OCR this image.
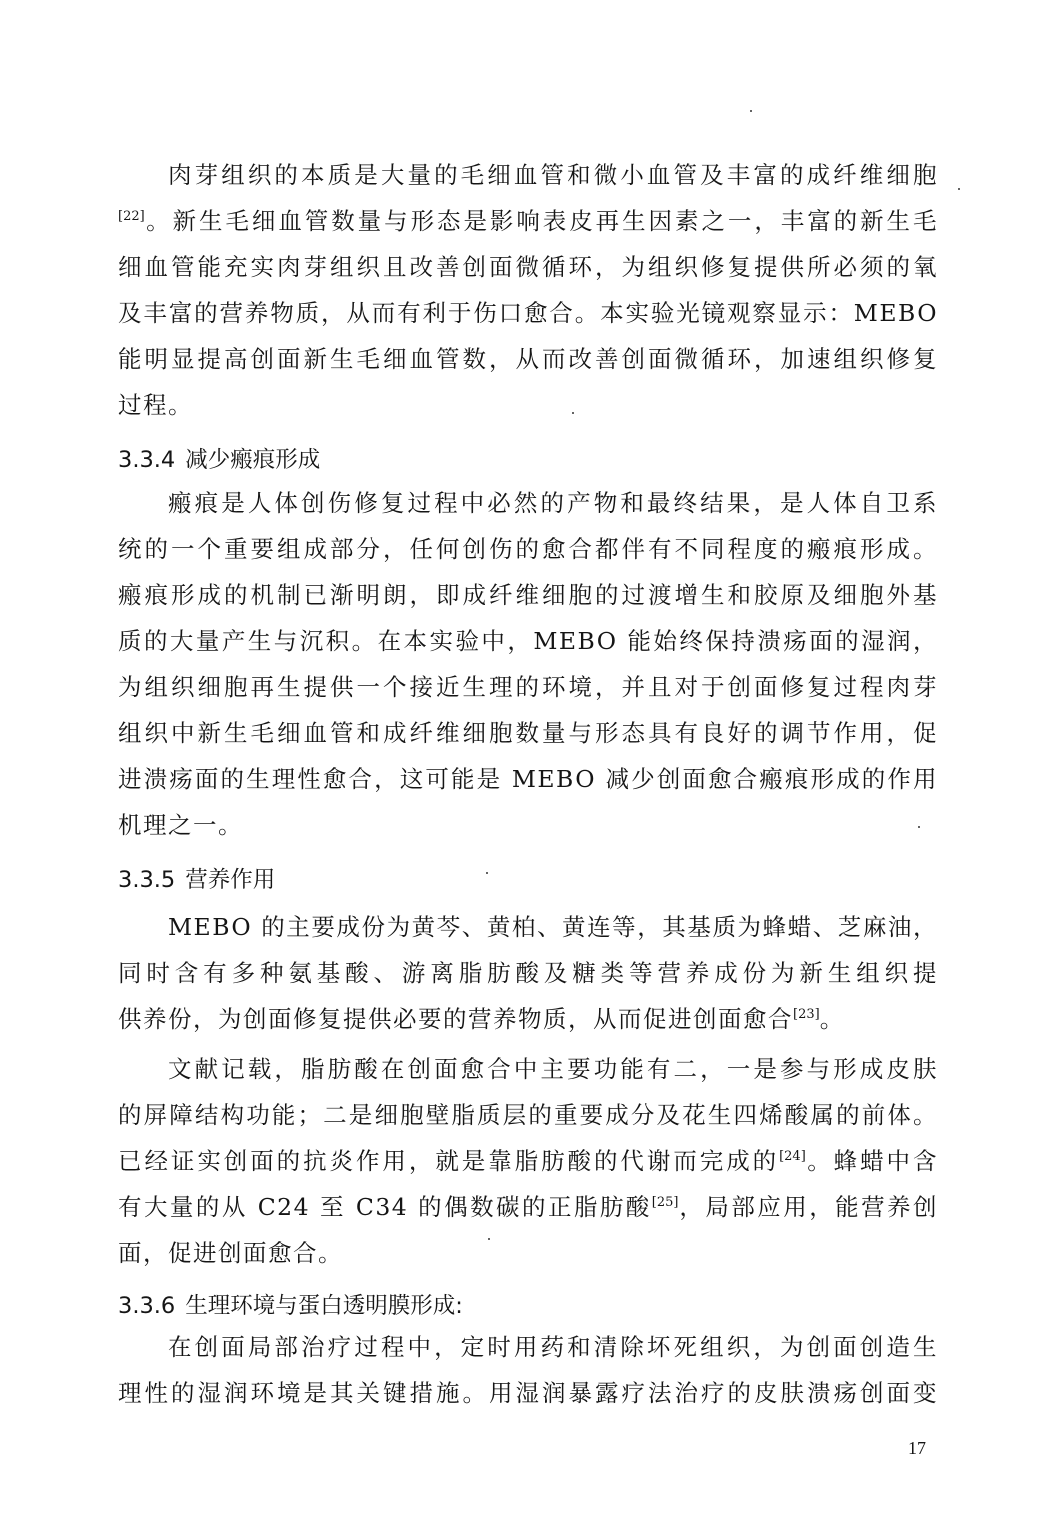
肉芽组织的本质是大量的毛细血管和微小血管及丰富的成纤维细胞
[22]。新生毛细血管数量与形态是影响表皮再生因素之一，丰富的新生毛
细血管能充实肉芽组织且改善创面微循环，为组织修复提供所必须的氧
及丰富的营养物质，从而有利于伤口愈合。本实验光镜观察显示：MEBO
能明显提高创面新生毛细血管数，从而改善创面微循环，加速组织修复
过程。
3.3.4 减少瘢痕形成
瘢痕是人体创伤修复过程中必然的产物和最终结果，是人体自卫系
统的一个重要组成部分，任何创伤的愈合都伴有不同程度的瘢痕形成。
瘢痕形成的机制已渐明朗，即成纤维细胞的过渡增生和胶原及细胞外基
质的大量产生与沉积。在本实验中，MEBO 能始终保持溃疡面的湿润，
为组织细胞再生提供一个接近生理的环境，并且对于创面修复过程肉芽
组织中新生毛细血管和成纤维细胞数量与形态具有良好的调节作用，促
进溃疡面的生理性愈合，这可能是 MEBO 减少创面愈合瘢痕形成的作用
机理之一。
3.3.5 营养作用
MEBO 的主要成份为黄芩、黄柏、黄连等，其基质为蜂蜡、芝麻油，
同时含有多种氨基酸、游离脂肪酸及糖类等营养成份为新生组织提
供养份，为创面修复提供必要的营养物质，从而促进创面愈合[23]。
文献记载，脂肪酸在创面愈合中主要功能有二，一是参与形成皮肤
的屏障结构功能；二是细胞壁脂质层的重要成分及花生四烯酸属的前体。
已经证实创面的抗炎作用，就是靠脂肪酸的代谢而完成的[24]。蜂蜡中含
有大量的从 C24 至 C34 的偶数碳的正脂肪酸[25]，局部应用，能营养创
面，促进创面愈合。
3.3.6 生理环境与蛋白透明膜形成:
在创面局部治疗过程中，定时用药和清除坏死组织，为创面创造生
理性的湿润环境是其关键措施。用湿润暴露疗法治疗的皮肤溃疡创面变
17
